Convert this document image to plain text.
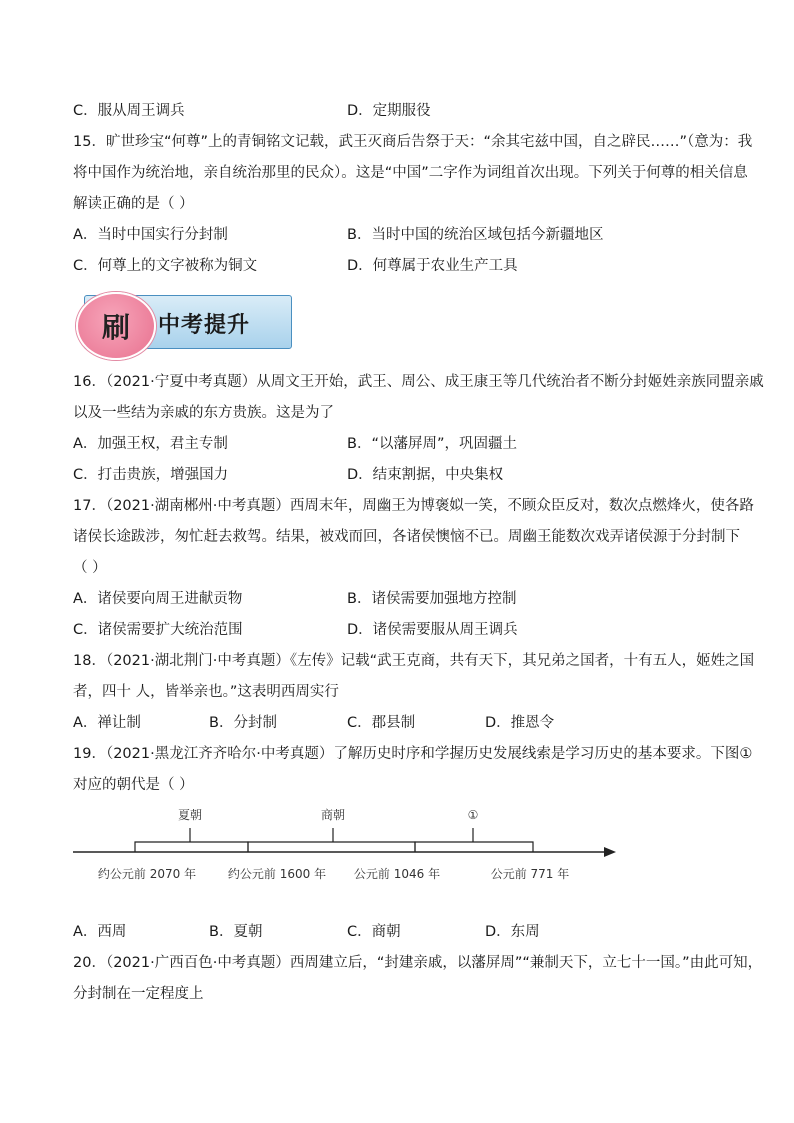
C．服从周王调兵	D．定期服役
15．旷世珍宝“何尊”上的青铜铭文记载，武王灭商后告祭于天：“余其宅兹中国，自之辟民……”（意为：我
将中国作为统治地，亲自统治那里的民众）。这是“中国”二字作为词组首次出现。下列关于何尊的相关信息
解读正确的是（ ）
A．当时中国实行分封制	B．当时中国的统治区域包括今新疆地区
C．何尊上的文字被称为铜文	D．何尊属于农业生产工具
刷	中考提升
16．（2021·宁夏中考真题）从周文王开始，武王、周公、成王康王等几代统治者不断分封姬姓亲族同盟亲戚
以及一些结为亲戚的东方贵族。这是为了
A．加强王权，君主专制	B．“以藩屏周”，巩固疆土
C．打击贵族，增强国力	D．结束割据，中央集权
17．（2021·湖南郴州·中考真题）西周末年，周幽王为博褒姒一笑，不顾众臣反对，数次点燃烽火，使各路
诸侯长途跋涉，匆忙赶去救驾。结果，被戏而回，各诸侯懊恼不已。周幽王能数次戏弄诸侯源于分封制下
（ ）
A．诸侯要向周王进献贡物	B．诸侯需要加强地方控制
C．诸侯需要扩大统治范围	D．诸侯需要服从周王调兵
18．（2021·湖北荆门·中考真题）《左传》记载“武王克商，共有天下，其兄弟之国者，十有五人，姬姓之国
者，四十 人，皆举亲也。”这表明西周实行
A．禅让制	B．分封制	C．郡县制	D．推恩令
19．（2021·黑龙江齐齐哈尔·中考真题）了解历史时序和学握历史发展线索是学习历史的基本要求。下图①
对应的朝代是（ ）
夏朝	商朝	①
约公元前 2070 年	约公元前 1600 年 公元前 1046 年	公元前 771 年
A．西周	B．夏朝	C．商朝	D．东周
20．（2021·广西百色·中考真题）西周建立后，“封建亲戚，以藩屏周”“兼制天下，立七十一国。”由此可知，
分封制在一定程度上
